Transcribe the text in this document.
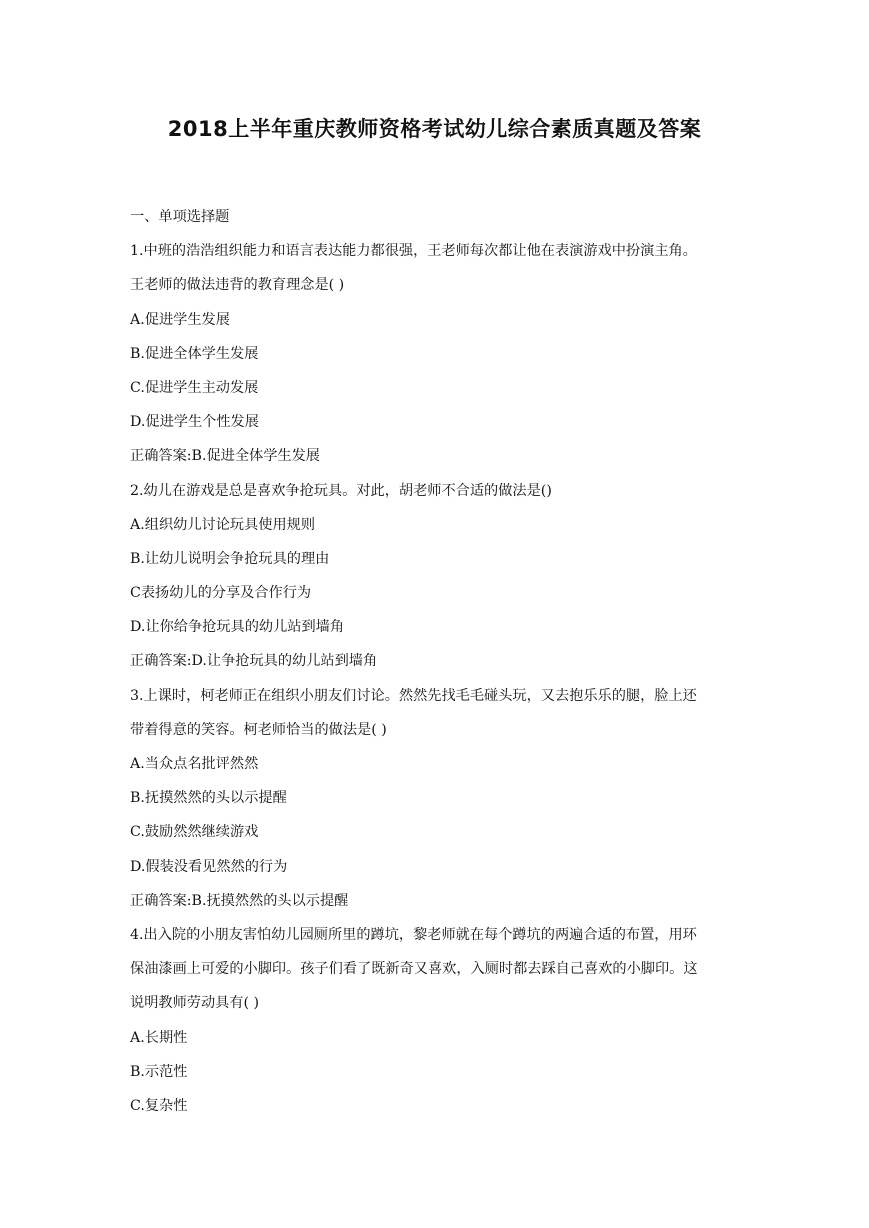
2018上半年重庆教师资格考试幼儿综合素质真题及答案
一、单项选择题
1.中班的浩浩组织能力和语言表达能力都很强，王老师每次都让他在表演游戏中扮演主角。
王老师的做法违背的教育理念是( )
A.促进学生发展
B.促进全体学生发展
C.促进学生主动发展
D.促进学生个性发展
正确答案:B.促进全体学生发展
2.幼儿在游戏是总是喜欢争抢玩具。对此，胡老师不合适的做法是()
A.组织幼儿讨论玩具使用规则
B.让幼儿说明会争抢玩具的理由
C表扬幼儿的分享及合作行为
D.让你给争抢玩具的幼儿站到墙角
正确答案:D.让争抢玩具的幼儿站到墙角
3.上课时，柯老师正在组织小朋友们讨论。然然先找毛毛碰头玩，又去抱乐乐的腿，脸上还
带着得意的笑容。柯老师恰当的做法是( )
A.当众点名批评然然
B.抚摸然然的头以示提醒
C.鼓励然然继续游戏
D.假装没看见然然的行为
正确答案:B.抚摸然然的头以示提醒
4.出入院的小朋友害怕幼儿园厕所里的蹲坑，黎老师就在每个蹲坑的两遍合适的布置，用环
保油漆画上可爱的小脚印。孩子们看了既新奇又喜欢，入厕时都去踩自己喜欢的小脚印。这
说明教师劳动具有( )
A.长期性
B.示范性
C.复杂性
